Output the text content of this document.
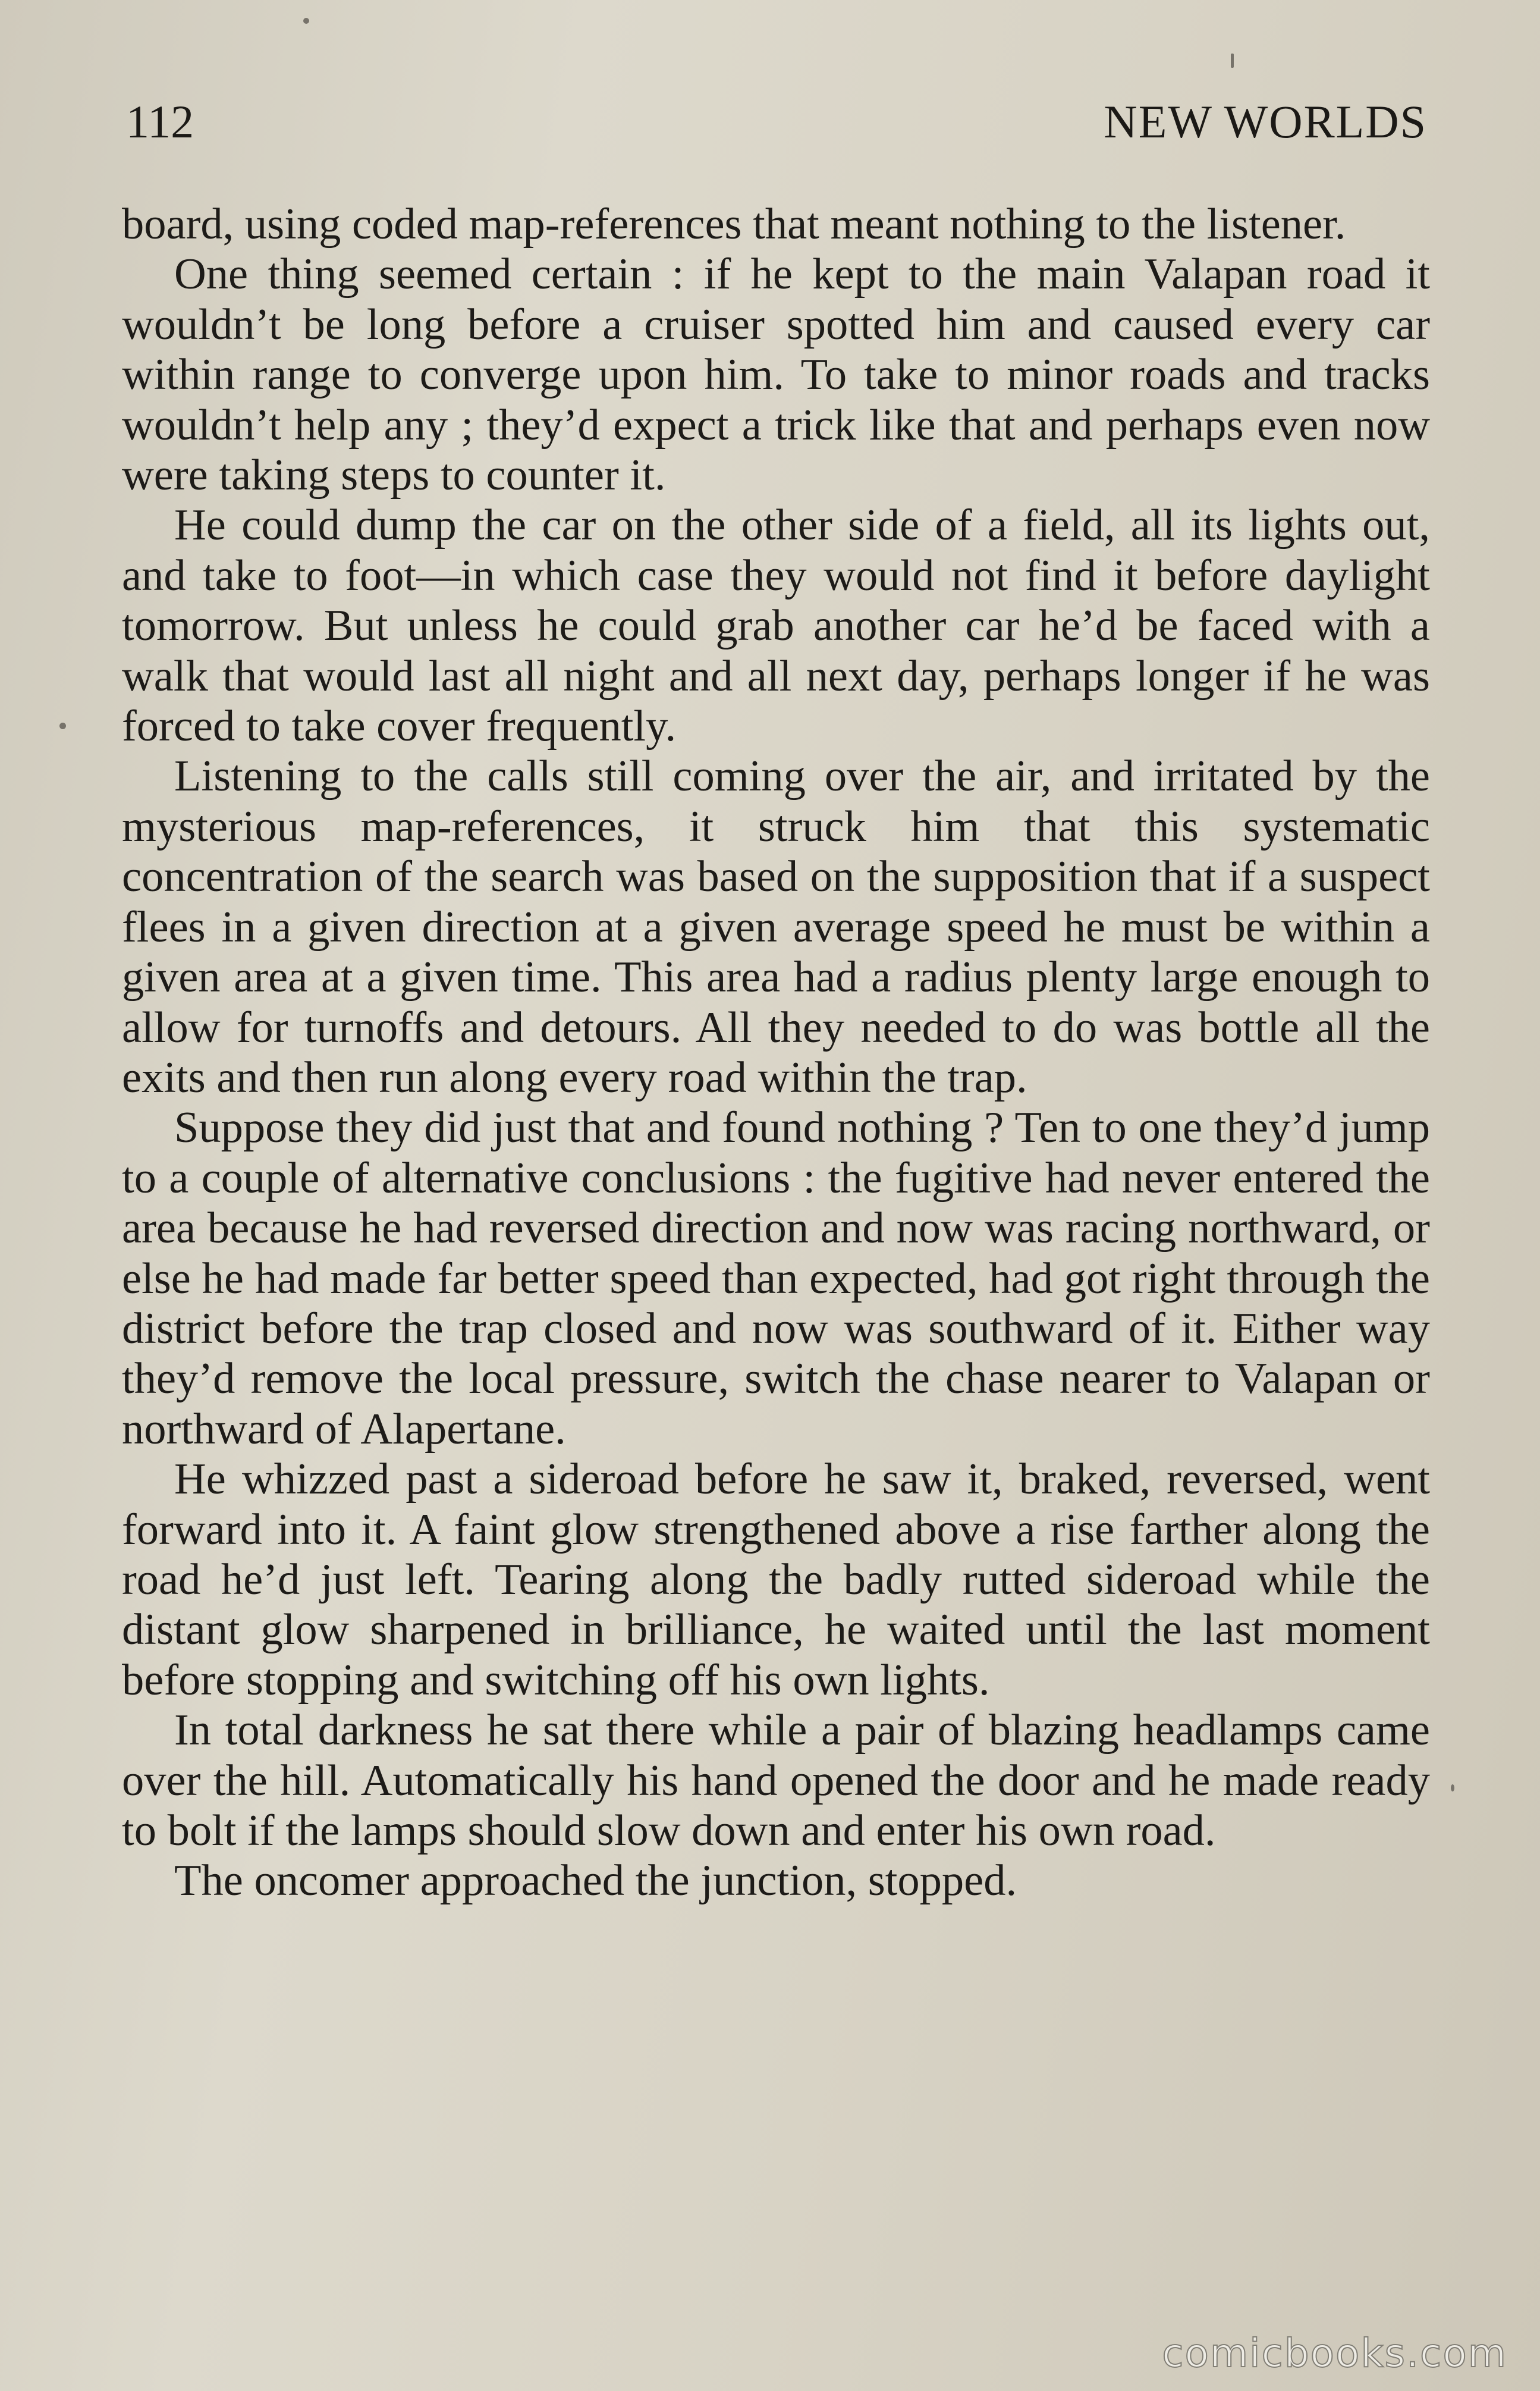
112	NEW WORLDS

board, using coded map-references that meant nothing to the listener.

One thing seemed certain : if he kept to the main Valapan road it wouldn’t be long before a cruiser spotted him and caused every car within range to converge upon him. To take to minor roads and tracks wouldn’t help any ; they’d expect a trick like that and perhaps even now were taking steps to counter it.

He could dump the car on the other side of a field, all its lights out, and take to foot—in which case they would not find it before daylight tomorrow. But unless he could grab another car he’d be faced with a walk that would last all night and all next day, perhaps longer if he was forced to take cover frequently.

Listening to the calls still coming over the air, and irritated by the mysterious map-references, it struck him that this systematic concentration of the search was based on the supposition that if a suspect flees in a given direction at a given average speed he must be within a given area at a given time. This area had a radius plenty large enough to allow for turnoffs and detours. All they needed to do was bottle all the exits and then run along every road within the trap.

Suppose they did just that and found nothing ? Ten to one they’d jump to a couple of alternative conclusions : the fugitive had never entered the area because he had reversed direction and now was racing northward, or else he had made far better speed than expected, had got right through the district before the trap closed and now was southward of it. Either way they’d remove the local pressure, switch the chase nearer to Valapan or northward of Alapertane.

He whizzed past a sideroad before he saw it, braked, reversed, went forward into it. A faint glow strengthened above a rise farther along the road he’d just left. Tearing along the badly rutted sideroad while the distant glow sharpened in brilliance, he waited until the last moment before stopping and switching off his own lights.

In total darkness he sat there while a pair of blazing headlamps came over the hill. Automatically his hand opened the door and he made ready to bolt if the lamps should slow down and enter his own road.

The oncomer approached the junction, stopped.

comicbooks.com
